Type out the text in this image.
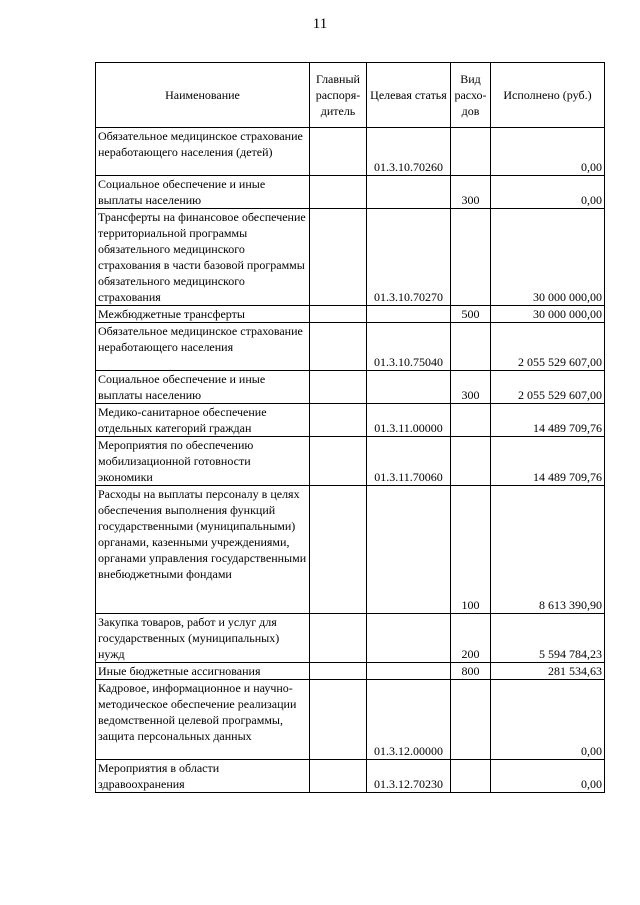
11
Наименование	Главный распоря-дитель	Целевая статья	Вид расхо-дов	Исполнено (руб.)
Обязательное медицинское страхование неработающего населения (детей)		01.3.10.70260		0,00
Социальное обеспечение и иные выплаты населению			300	0,00
Трансферты на финансовое обеспечение территориальной программы обязательного медицинского страхования в части базовой программы обязательного медицинского страхования		01.3.10.70270		30 000 000,00
Межбюджетные трансферты			500	30 000 000,00
Обязательное медицинское страхование неработающего населения		01.3.10.75040		2 055 529 607,00
Социальное обеспечение и иные выплаты населению			300	2 055 529 607,00
Медико-санитарное обеспечение отдельных категорий граждан		01.3.11.00000		14 489 709,76
Мероприятия по обеспечению мобилизационной готовности экономики		01.3.11.70060		14 489 709,76
Расходы на выплаты персоналу в целях обеспечения выполнения функций государственными (муниципальными) органами, казенными учреждениями, органами управления государственными внебюджетными фондами			100	8 613 390,90
Закупка товаров, работ и услуг для государственных (муниципальных) нужд			200	5 594 784,23
Иные бюджетные ассигнования			800	281 534,63
Кадровое, информационное и научно-методическое обеспечение реализации ведомственной целевой программы, защита персональных данных		01.3.12.00000		0,00
Мероприятия в области здравоохранения		01.3.12.70230		0,00
